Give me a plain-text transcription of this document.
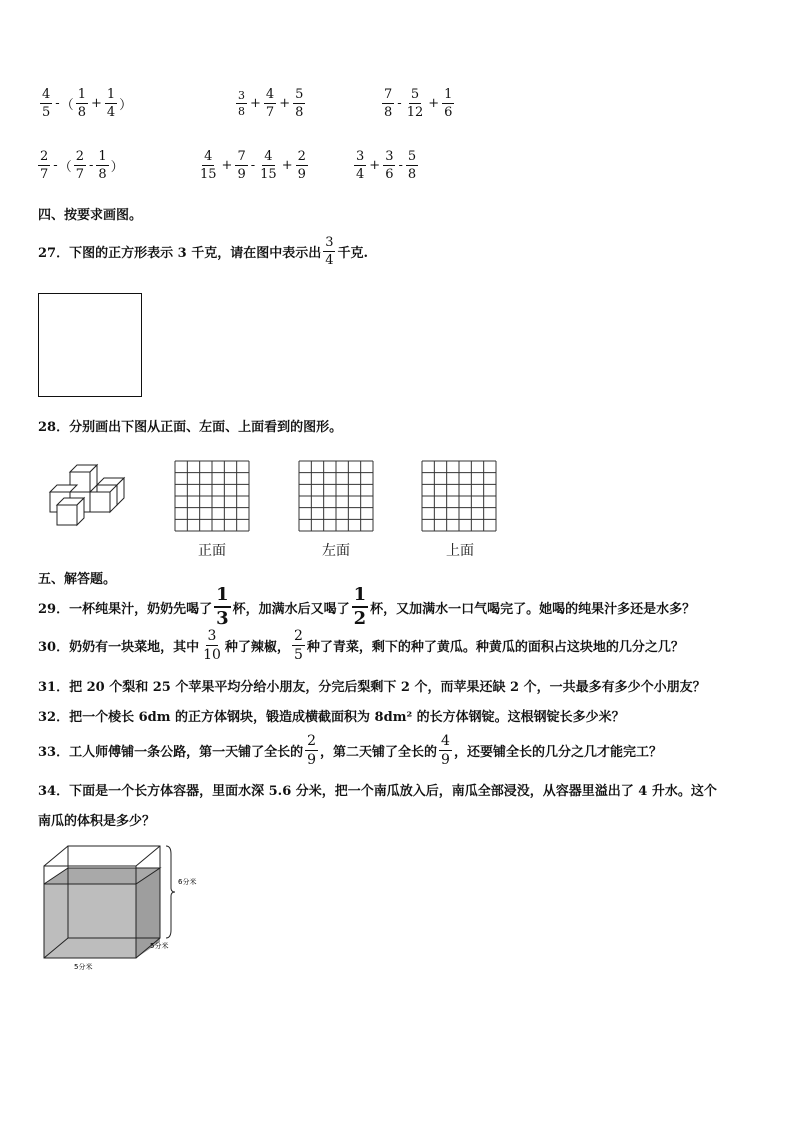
$\frac{4}{5}$ - （ $\frac{1}{8} + \frac{1}{4}$ ）	$\frac{3}{8} + \frac{4}{7} + \frac{5}{8}$	$\frac{7}{8} - \frac{5}{12} + \frac{1}{6}$
$\frac{2}{7}$ - （ $\frac{2}{7} - \frac{1}{8}$ ）	$\frac{4}{15} + \frac{7}{9} - \frac{4}{15} + \frac{2}{9}$	$\frac{3}{4} + \frac{3}{6} - \frac{5}{8}$
四、按要求画图。
27．下图的正方形表示 3 千克，请在图中表示出 $\frac{3}{4}$ 千克.
28．分别画出下图从正面、左面、上面看到的图形。
正面	左面	上面
五、解答题。
29．一杯纯果汁，奶奶先喝了 $\frac{1}{3}$ 杯，加满水后又喝了 $\frac{1}{2}$ 杯，又加满水一口气喝完了。她喝的纯果汁多还是水多？
30．奶奶有一块菜地，其中 $\frac{3}{10}$ 种了辣椒， $\frac{2}{5}$ 种了青菜，剩下的种了黄瓜。种黄瓜的面积占这块地的几分之几？
31．把 20 个梨和 25 个苹果平均分给小朋友，分完后梨剩下 2 个，而苹果还缺 2 个，一共最多有多少个小朋友？
32．把一个棱长 6dm 的正方体钢块，锻造成横截面积为 8dm² 的长方体钢锭。这根钢锭长多少米？
33．工人师傅铺一条公路，第一天铺了全长的 $\frac{2}{9}$ ，第二天铺了全长的 $\frac{4}{9}$ ，还要铺全长的几分之几才能完工？
34．下面是一个长方体容器，里面水深 5.6 分米，把一个南瓜放入后，南瓜全部浸没，从容器里溢出了 4 升水。这个
南瓜的体积是多少？
6分米
5分米
5分米
